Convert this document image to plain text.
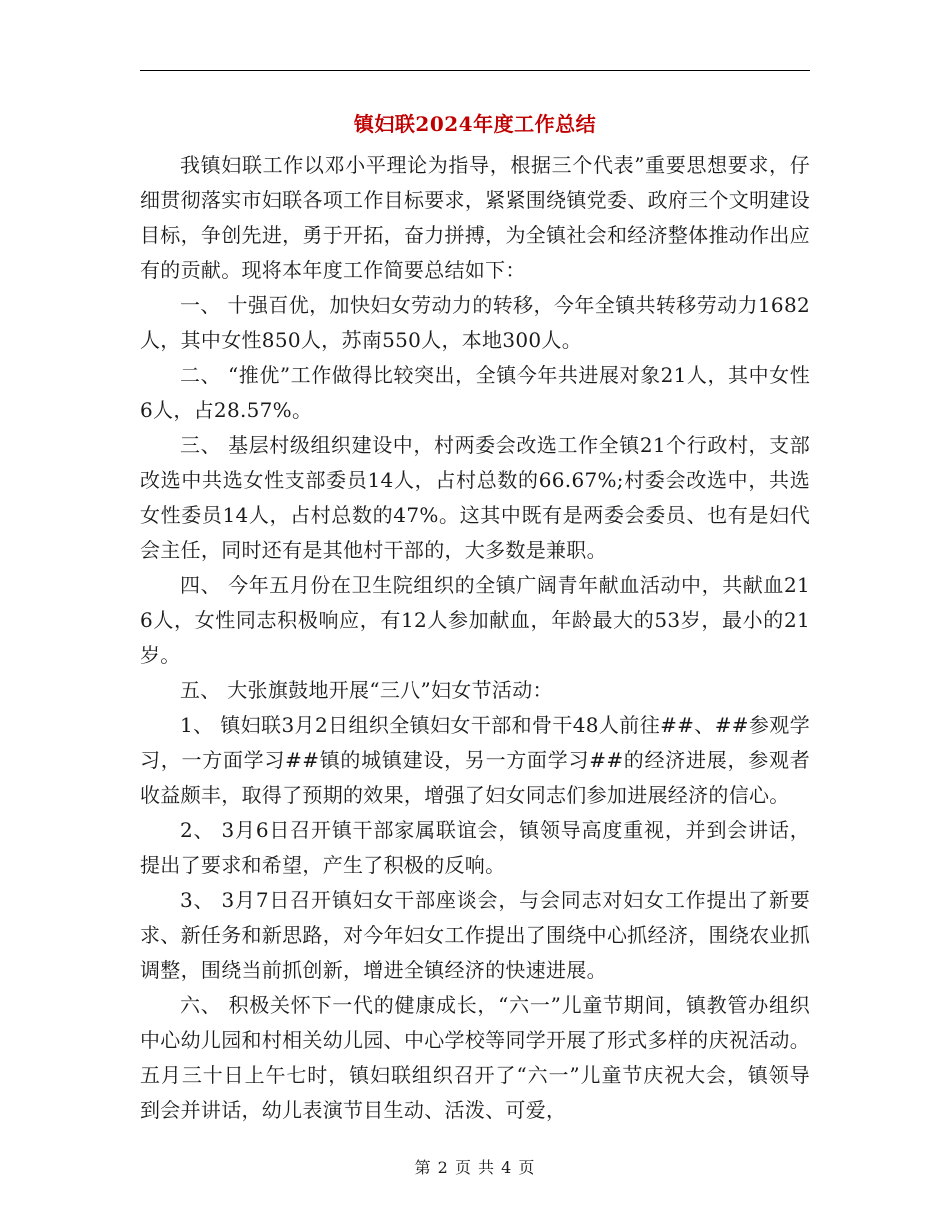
镇妇联2024年度工作总结

我镇妇联工作以邓小平理论为指导，根据三个代表”重要思想要求，仔细贯彻落实市妇联各项工作目标要求，紧紧围绕镇党委、政府三个文明建设目标，争创先进，勇于开拓，奋力拼搏，为全镇社会和经济整体推动作出应有的贡献。现将本年度工作简要总结如下：

一、 十强百优，加快妇女劳动力的转移，今年全镇共转移劳动力1682人，其中女性850人，苏南550人，本地300人。

二、 “推优”工作做得比较突出，全镇今年共进展对象21人，其中女性6人，占28.57%。

三、 基层村级组织建设中，村两委会改选工作全镇21个行政村，支部改选中共选女性支部委员14人，占村总数的66.67%;村委会改选中，共选女性委员14人，占村总数的47%。这其中既有是两委会委员、也有是妇代会主任，同时还有是其他村干部的，大多数是兼职。

四、 今年五月份在卫生院组织的全镇广阔青年献血活动中，共献血216人，女性同志积极响应，有12人参加献血，年龄最大的53岁，最小的21岁。

五、 大张旗鼓地开展“三八”妇女节活动：

1、 镇妇联3月2日组织全镇妇女干部和骨干48人前往##、##参观学习，一方面学习##镇的城镇建设，另一方面学习##的经济进展，参观者收益颇丰，取得了预期的效果，增强了妇女同志们参加进展经济的信心。

2、 3月6日召开镇干部家属联谊会，镇领导高度重视，并到会讲话，提出了要求和希望，产生了积极的反响。

3、 3月7日召开镇妇女干部座谈会，与会同志对妇女工作提出了新要求、新任务和新思路，对今年妇女工作提出了围绕中心抓经济，围绕农业抓调整，围绕当前抓创新，增进全镇经济的快速进展。

六、 积极关怀下一代的健康成长，“六一”儿童节期间，镇教管办组织中心幼儿园和村相关幼儿园、中心学校等同学开展了形式多样的庆祝活动。五月三十日上午七时，镇妇联组织召开了“六一”儿童节庆祝大会，镇领导到会并讲话，幼儿表演节目生动、活泼、可爱，

第 2 页 共 4 页
